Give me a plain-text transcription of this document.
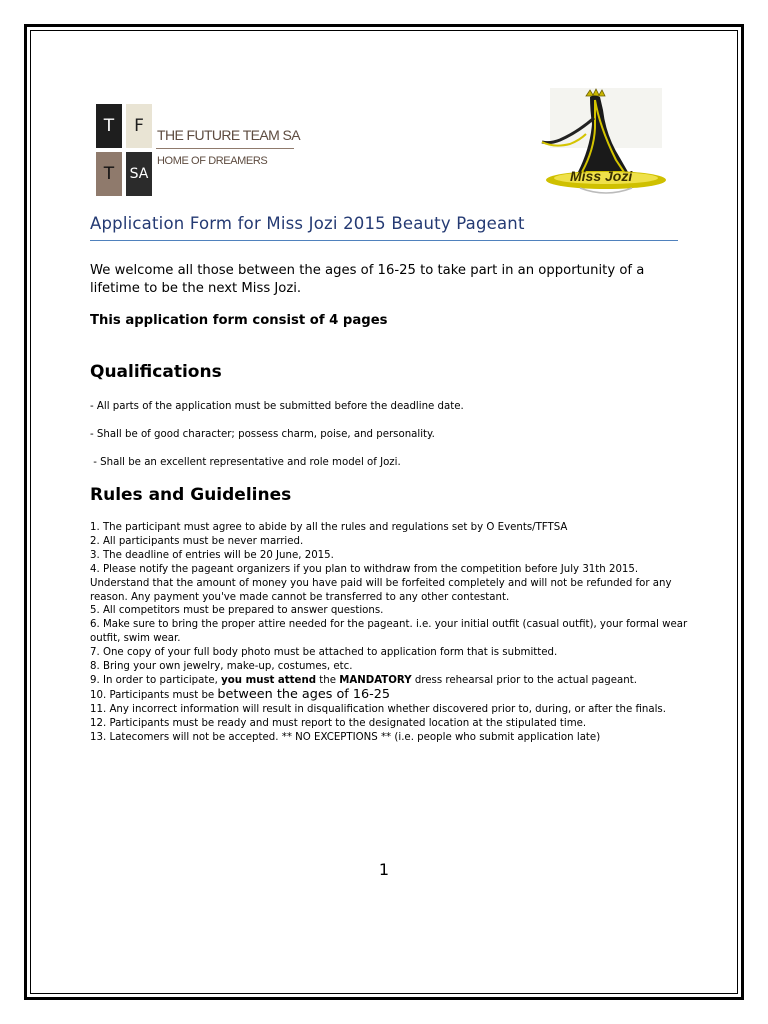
T	F
T	SA
THE FUTURE TEAM SA
HOME OF DREAMERS
Miss Jozi
Application Form for Miss Jozi 2015 Beauty Pageant
We welcome all those between the ages of 16-25 to take part in an opportunity of a lifetime to be the next Miss Jozi.
This application form consist of 4 pages
Qualifications
- All parts of the application must be submitted before the deadline date.
- Shall be of good character; possess charm, poise, and personality.
- Shall be an excellent representative and role model of Jozi.
Rules and Guidelines
1. The participant must agree to abide by all the rules and regulations set by O Events/TFTSA
2. All participants must be never married.
3. The deadline of entries will be 20 June, 2015.
4. Please notify the pageant organizers if you plan to withdraw from the competition before July 31th 2015. Understand that the amount of money you have paid will be forfeited completely and will not be refunded for any reason. Any payment you've made cannot be transferred to any other contestant.
5. All competitors must be prepared to answer questions.
6. Make sure to bring the proper attire needed for the pageant. i.e. your initial outfit (casual outfit), your formal wear outfit, swim wear.
7. One copy of your full body photo must be attached to application form that is submitted.
8. Bring your own jewelry, make-up, costumes, etc.
9. In order to participate, you must attend the MANDATORY dress rehearsal prior to the actual pageant.
10. Participants must be between the ages of 16-25
11. Any incorrect information will result in disqualification whether discovered prior to, during, or after the finals.
12. Participants must be ready and must report to the designated location at the stipulated time.
13. Latecomers will not be accepted. ** NO EXCEPTIONS ** (i.e. people who submit application late)
1
